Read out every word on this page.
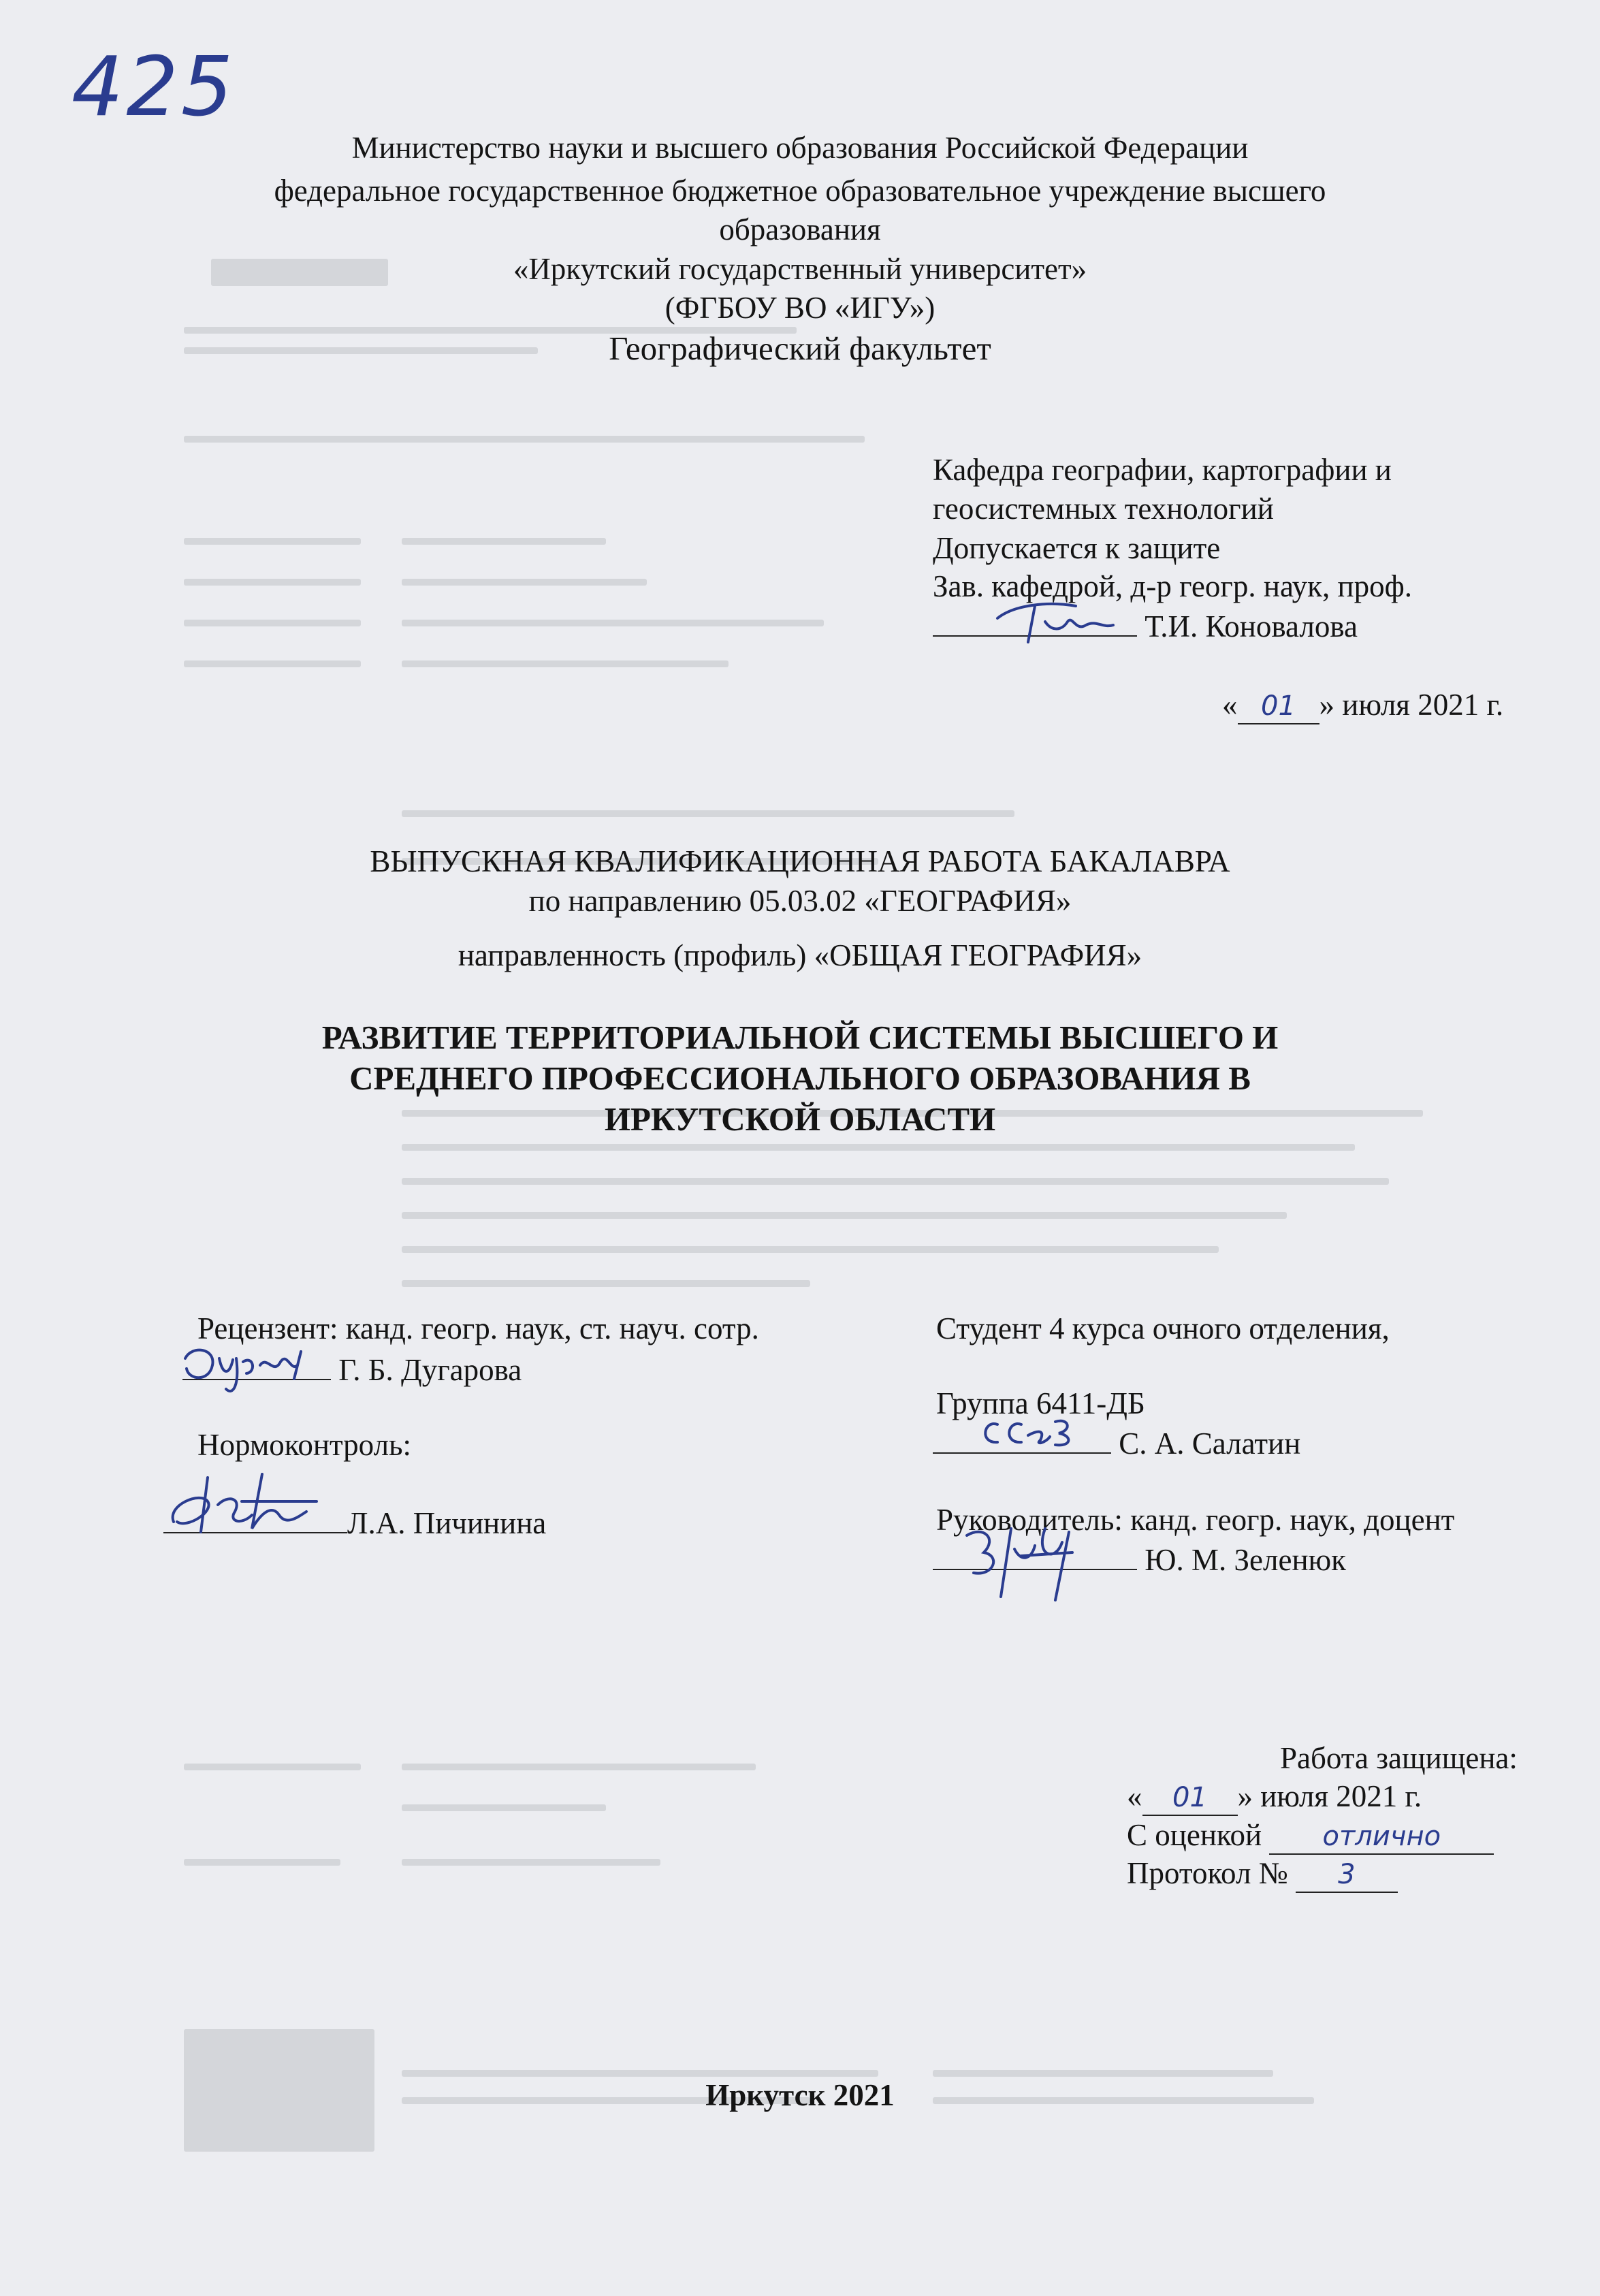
425
Министерство науки и высшего образования Российской Федерации
федеральное государственное бюджетное образовательное учреждение высшего
образования
«Иркутский государственный университет»
(ФГБОУ ВО «ИГУ»)
Географический факультет
Кафедра географии, картографии и
геосистемных технологий
Допускается к защите
Зав. кафедрой, д-р геогр. наук, проф.
Т.И. Коновалова
« 01 » июля 2021 г.
ВЫПУСКНАЯ КВАЛИФИКАЦИОННАЯ РАБОТА БАКАЛАВРА
по направлению 05.03.02 «ГЕОГРАФИЯ»
направленность (профиль) «ОБЩАЯ ГЕОГРАФИЯ»
РАЗВИТИЕ ТЕРРИТОРИАЛЬНОЙ СИСТЕМЫ ВЫСШЕГО И
СРЕДНЕГО ПРОФЕССИОНАЛЬНОГО ОБРАЗОВАНИЯ В
ИРКУТСКОЙ ОБЛАСТИ
Рецензент: канд. геогр. наук, ст. науч. сотр.
Г. Б. Дугарова
Нормоконтроль:
Л.А. Пичинина
Студент 4 курса очного отделения,
Группа 6411-ДБ
С. А. Салатин
Руководитель: канд. геогр. наук, доцент
Ю. М. Зеленюк
Работа защищена:
« 01 » июля 2021 г.
С оценкой отлично
Протокол № 3
Иркутск 2021
